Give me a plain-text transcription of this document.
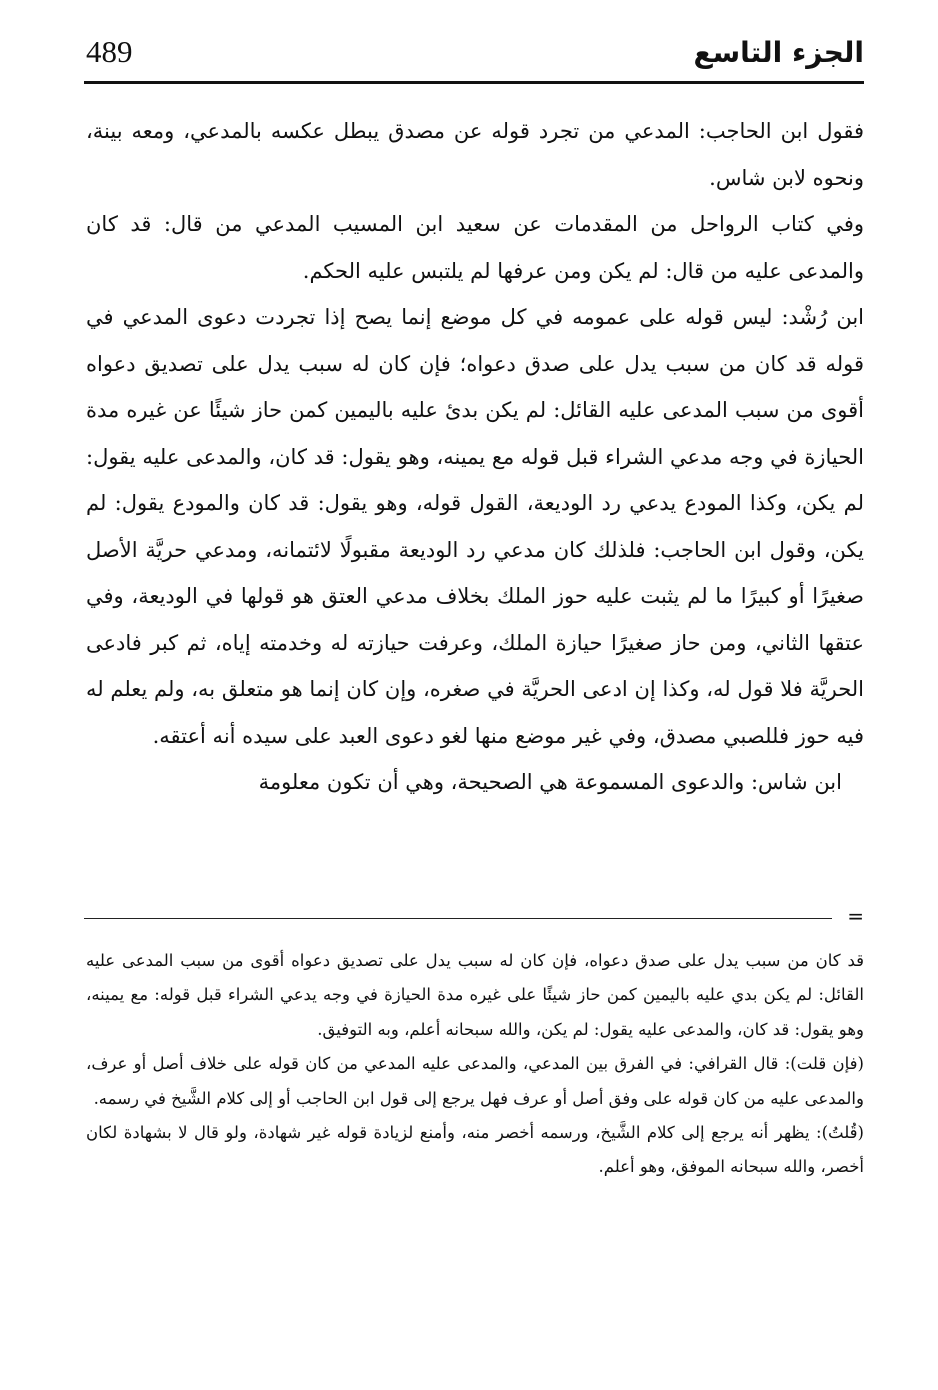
489	الجزء التاسع

فقول ابن الحاجب: المدعي من تجرد قوله عن مصدق يبطل عكسه بالمدعي، ومعه بينة، ونحوه لابن شاس.

وفي كتاب الرواحل من المقدمات عن سعيد ابن المسيب المدعي من قال: قد كان والمدعى عليه من قال: لم يكن ومن عرفها لم يلتبس عليه الحكم.

ابن رُشْد: ليس قوله على عمومه في كل موضع إنما يصح إذا تجردت دعوى المدعي في قوله قد كان من سبب يدل على صدق دعواه؛ فإن كان له سبب يدل على تصديق دعواه أقوى من سبب المدعى عليه القائل: لم يكن بدئ عليه باليمين كمن حاز شيئًا عن غيره مدة الحيازة في وجه مدعي الشراء قبل قوله مع يمينه، وهو يقول: قد كان، والمدعى عليه يقول: لم يكن، وكذا المودع يدعي رد الوديعة، القول قوله، وهو يقول: قد كان والمودع يقول: لم يكن، وقول ابن الحاجب: فلذلك كان مدعي رد الوديعة مقبولًا لائتمانه، ومدعي حريَّة الأصل صغيرًا أو كبيرًا ما لم يثبت عليه حوز الملك بخلاف مدعي العتق هو قولها في الوديعة، وفي عتقها الثاني، ومن حاز صغيرًا حيازة الملك، وعرفت حيازته له وخدمته إياه، ثم كبر فادعى الحريَّة فلا قول له، وكذا إن ادعى الحريَّة في صغره، وإن كان إنما هو متعلق به، ولم يعلم له فيه حوز فللصبي مصدق، وفي غير موضع منها لغو دعوى العبد على سيده أنه أعتقه.

ابن شاس: والدعوى المسموعة هي الصحيحة، وهي أن تكون معلومة

=

قد كان من سبب يدل على صدق دعواه، فإن كان له سبب يدل على تصديق دعواه أقوى من سبب المدعى عليه القائل: لم يكن بدي عليه باليمين كمن حاز شيئًا على غيره مدة الحيازة في وجه يدعي الشراء قبل قوله: مع يمينه، وهو يقول: قد كان، والمدعى عليه يقول: لم يكن، والله سبحانه أعلم، وبه التوفيق.

(فإن قلت): قال القرافي: في الفرق بين المدعي، والمدعى عليه المدعي من كان قوله على خلاف أصل أو عرف، والمدعى عليه من كان قوله على وفق أصل أو عرف فهل يرجع إلى قول ابن الحاجب أو إلى كلام الشَّيخ في رسمه.

(قُلتُ): يظهر أنه يرجع إلى كلام الشَّيخ، ورسمه أخصر منه، وأمنع لزيادة قوله غير شهادة، ولو قال لا بشهادة لكان أخصر، والله سبحانه الموفق، وهو أعلم.
